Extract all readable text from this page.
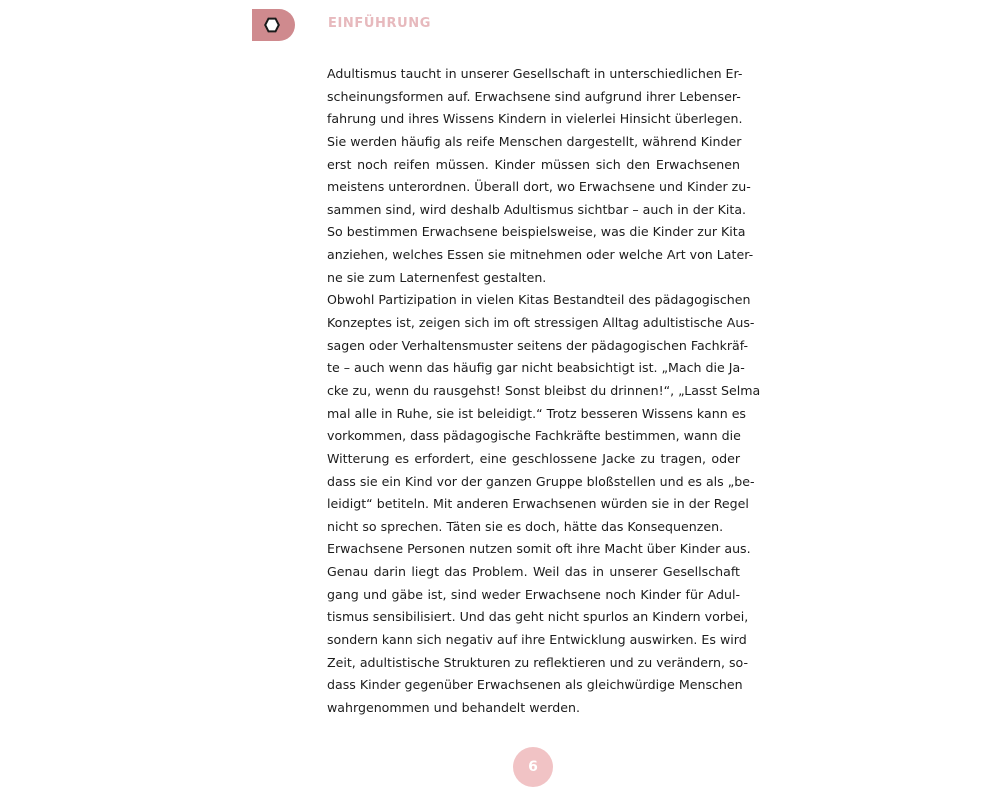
EINFÜHRUNG
Adultismus taucht in unserer Gesellschaft in unterschiedlichen Er-
scheinungsformen auf. Erwachsene sind aufgrund ihrer Lebenser-
fahrung und ihres Wissens Kindern in vielerlei Hinsicht überlegen.
Sie werden häufig als reife Menschen dargestellt, während Kinder
erst noch reifen müssen. Kinder müssen sich den Erwachsenen
meistens unterordnen. Überall dort, wo Erwachsene und Kinder zu-
sammen sind, wird deshalb Adultismus sichtbar – auch in der Kita.
So bestimmen Erwachsene beispielsweise, was die Kinder zur Kita
anziehen, welches Essen sie mitnehmen oder welche Art von Later-
ne sie zum Laternenfest gestalten.
Obwohl Partizipation in vielen Kitas Bestandteil des pädagogischen
Konzeptes ist, zeigen sich im oft stressigen Alltag adultistische Aus-
sagen oder Verhaltensmuster seitens der pädagogischen Fachkräf-
te – auch wenn das häufig gar nicht beabsichtigt ist. „Mach die Ja-
cke zu, wenn du rausgehst! Sonst bleibst du drinnen!“, „Lasst Selma
mal alle in Ruhe, sie ist beleidigt.“ Trotz besseren Wissens kann es
vorkommen, dass pädagogische Fachkräfte bestimmen, wann die
Witterung es erfordert, eine geschlossene Jacke zu tragen, oder
dass sie ein Kind vor der ganzen Gruppe bloßstellen und es als „be-
leidigt“ betiteln. Mit anderen Erwachsenen würden sie in der Regel
nicht so sprechen. Täten sie es doch, hätte das Konsequenzen.
Erwachsene Personen nutzen somit oft ihre Macht über Kinder aus.
Genau darin liegt das Problem. Weil das in unserer Gesellschaft
gang und gäbe ist, sind weder Erwachsene noch Kinder für Adul-
tismus sensibilisiert. Und das geht nicht spurlos an Kindern vorbei,
sondern kann sich negativ auf ihre Entwicklung auswirken. Es wird
Zeit, adultistische Strukturen zu reflektieren und zu verändern, so-
dass Kinder gegenüber Erwachsenen als gleichwürdige Menschen
wahrgenommen und behandelt werden.
6
